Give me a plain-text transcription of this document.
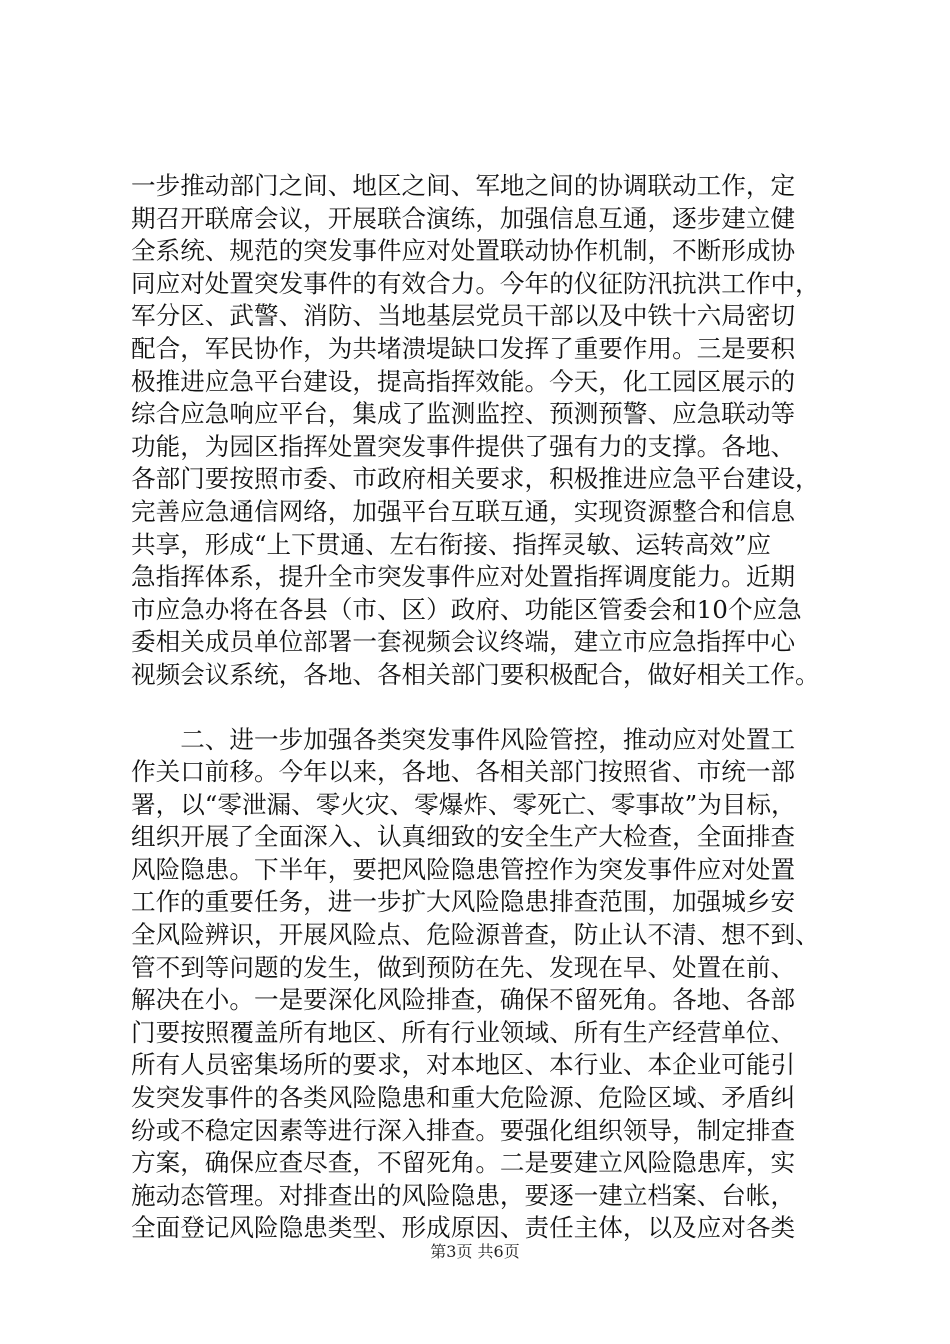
一步推动部门之间、地区之间、军地之间的协调联动工作，定
期召开联席会议，开展联合演练，加强信息互通，逐步建立健
全系统、规范的突发事件应对处置联动协作机制，不断形成协
同应对处置突发事件的有效合力。今年的仪征防汛抗洪工作中，
军分区、武警、消防、当地基层党员干部以及中铁十六局密切
配合，军民协作，为共堵溃堤缺口发挥了重要作用。三是要积
极推进应急平台建设，提高指挥效能。今天，化工园区展示的
综合应急响应平台，集成了监测监控、预测预警、应急联动等
功能，为园区指挥处置突发事件提供了强有力的支撑。各地、
各部门要按照市委、市政府相关要求，积极推进应急平台建设，
完善应急通信网络，加强平台互联互通，实现资源整合和信息
共享，形成“上下贯通、左右衔接、指挥灵敏、运转高效”应
急指挥体系，提升全市突发事件应对处置指挥调度能力。近期
市应急办将在各县（市、区）政府、功能区管委会和10个应急
委相关成员单位部署一套视频会议终端，建立市应急指挥中心
视频会议系统，各地、各相关部门要积极配合，做好相关工作。
　　二、进一步加强各类突发事件风险管控，推动应对处置工
作关口前移。今年以来，各地、各相关部门按照省、市统一部
署，以“零泄漏、零火灾、零爆炸、零死亡、零事故”为目标，
组织开展了全面深入、认真细致的安全生产大检查，全面排查
风险隐患。下半年，要把风险隐患管控作为突发事件应对处置
工作的重要任务，进一步扩大风险隐患排查范围，加强城乡安
全风险辨识，开展风险点、危险源普查，防止认不清、想不到、
管不到等问题的发生，做到预防在先、发现在早、处置在前、
解决在小。一是要深化风险排查，确保不留死角。各地、各部
门要按照覆盖所有地区、所有行业领域、所有生产经营单位、
所有人员密集场所的要求，对本地区、本行业、本企业可能引
发突发事件的各类风险隐患和重大危险源、危险区域、矛盾纠
纷或不稳定因素等进行深入排查。要强化组织领导，制定排查
方案，确保应查尽查，不留死角。二是要建立风险隐患库，实
施动态管理。对排查出的风险隐患，要逐一建立档案、台帐，
全面登记风险隐患类型、形成原因、责任主体，以及应对各类
第3页 共6页
